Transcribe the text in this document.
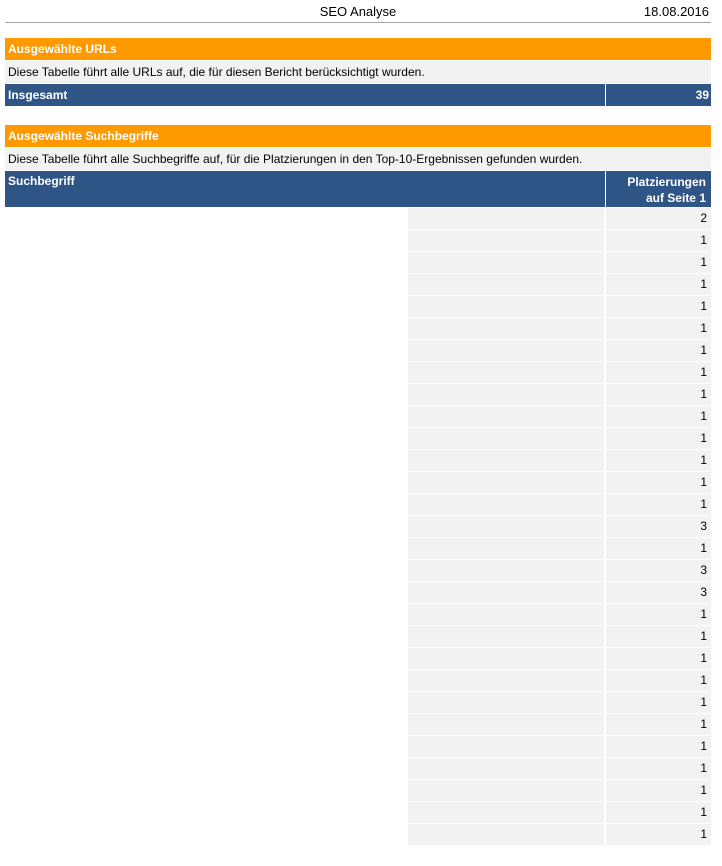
SEO Analyse	18.08.2016
Ausgewählte URLs
Diese Tabelle führt alle URLs auf, die für diesen Bericht berücksichtigt wurden.
Insgesamt	39
Ausgewählte Suchbegriffe
Diese Tabelle führt alle Suchbegriffe auf, für die Platzierungen in den Top-10-Ergebnissen gefunden wurden.
Suchbegriff	Platzierungen
auf Seite 1
2
1
1
1
1
1
1
1
1
1
1
1
1
1
3
1
3
3
1
1
1
1
1
1
1
1
1
1
1
